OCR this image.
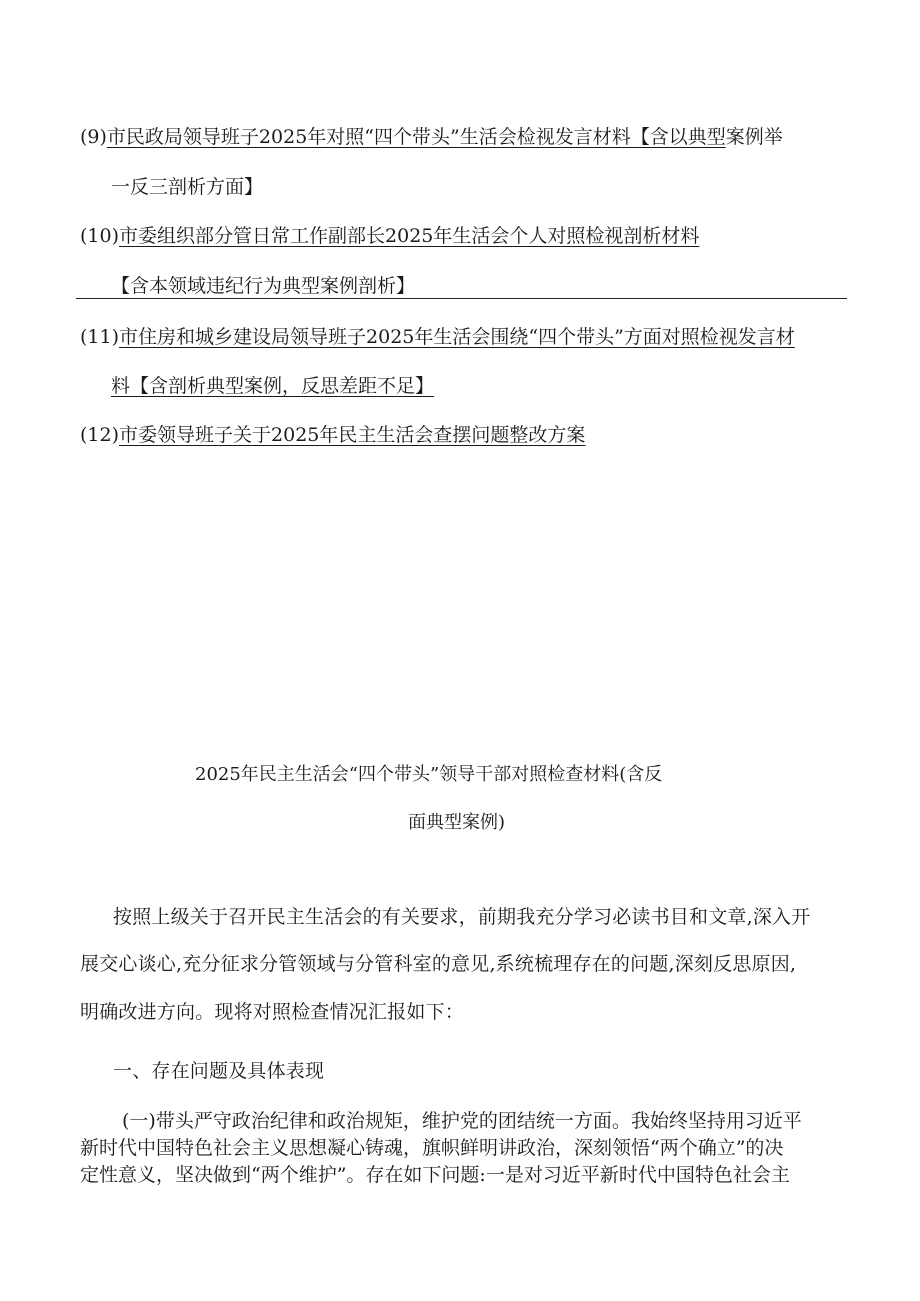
(9)市民政局领导班子2025年对照“四个带头”生活会检视发言材料【含以典型案例举
一反三剖析方面】
(10)市委组织部分管日常工作副部长2025年生活会个人对照检视剖析材料
【含本领域违纪行为典型案例剖析】
(11)市住房和城乡建设局领导班子2025年生活会围绕“四个带头”方面对照检视发言材
料【含剖析典型案例，反思差距不足】
(12)市委领导班子关于2025年民主生活会查摆问题整改方案
2025年民主生活会“四个带头”领导干部对照检查材料(含反
面典型案例)
按照上级关于召开民主生活会的有关要求，前期我充分学习必读书目和文章,深入开
展交心谈心,充分征求分管领域与分管科室的意见,系统梳理存在的问题,深刻反思原因,
明确改进方向。现将对照检查情况汇报如下：
一、存在问题及具体表现
(一)带头严守政治纪律和政治规矩，维护党的团结统一方面。我始终坚持用习近平
新时代中国特色社会主义思想凝心铸魂，旗帜鲜明讲政治，深刻领悟“两个确立”的决
定性意义，坚决做到“两个维护”。存在如下问题:一是对习近平新时代中国特色社会主
